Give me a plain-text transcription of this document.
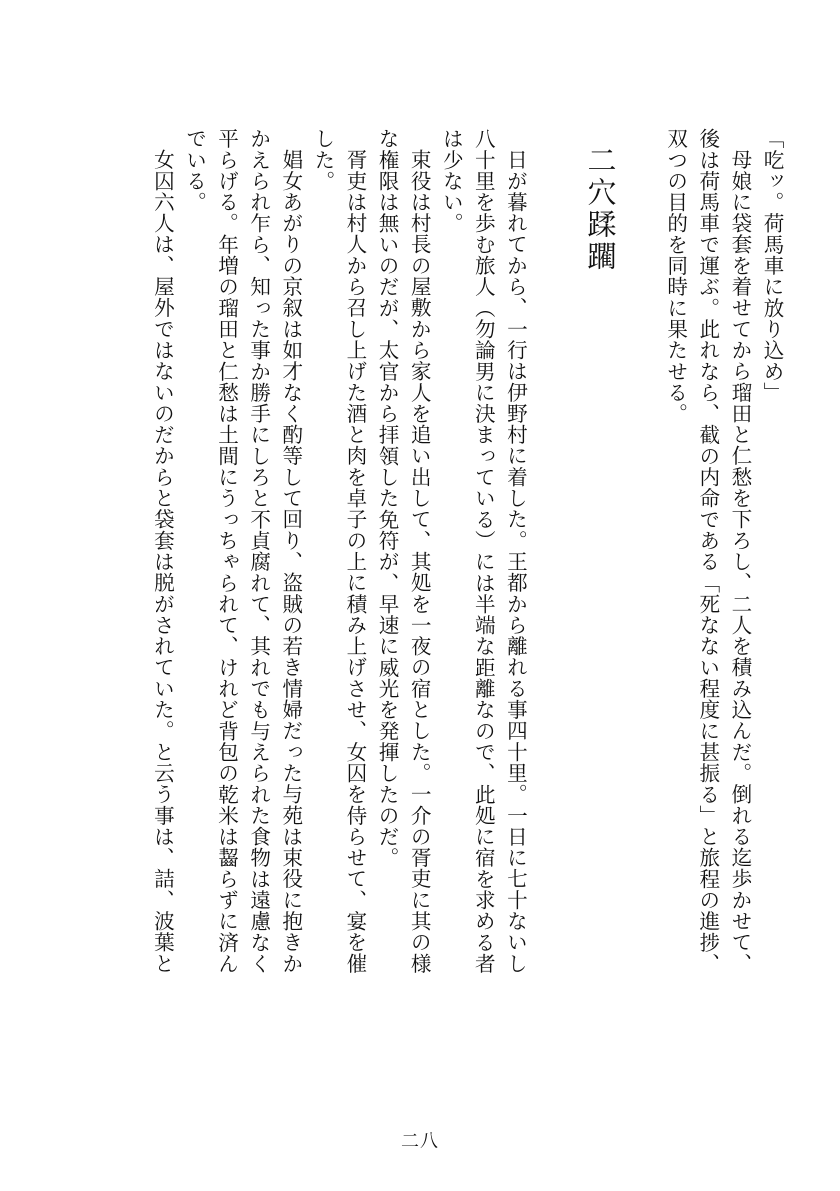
「吃ッ。荷馬車に放り込め」
母娘に袋套を着せてから瑠田と仁愁を下ろし、二人を積み込んだ。倒れる迄歩かせて、
後は荷馬車で運ぶ。此れなら、截の内命である「死なない程度に甚振る」と旅程の進捗、
双つの目的を同時に果たせる。
二穴蹂躙
日が暮れてから、一行は伊野村に着した。王都から離れる事四十里。一日に七十ないし
八十里を歩む旅人（勿論男に決まっている）には半端な距離なので、此処に宿を求める者
は少ない。
束役は村長の屋敷から家人を追い出して、其処を一夜の宿とした。一介の胥吏に其の様
な権限は無いのだが、太官から拝領した免符が、早速に威光を発揮したのだ。
胥吏は村人から召し上げた酒と肉を卓子の上に積み上げさせ、女囚を侍らせて、宴を催
した。
娼女あがりの京叙は如才なく酌等して回り、盗賊の若き情婦だった与苑は束役に抱きか
かえられ乍ら、知った事か勝手にしろと不貞腐れて、其れでも与えられた食物は遠慮なく
平らげる。年増の瑠田と仁愁は土間にうっちゃられて、けれど背包の乾米は齧らずに済ん
でいる。
女囚六人は、屋外ではないのだからと袋套は脱がされていた。と云う事は、詰、波葉と
二八
